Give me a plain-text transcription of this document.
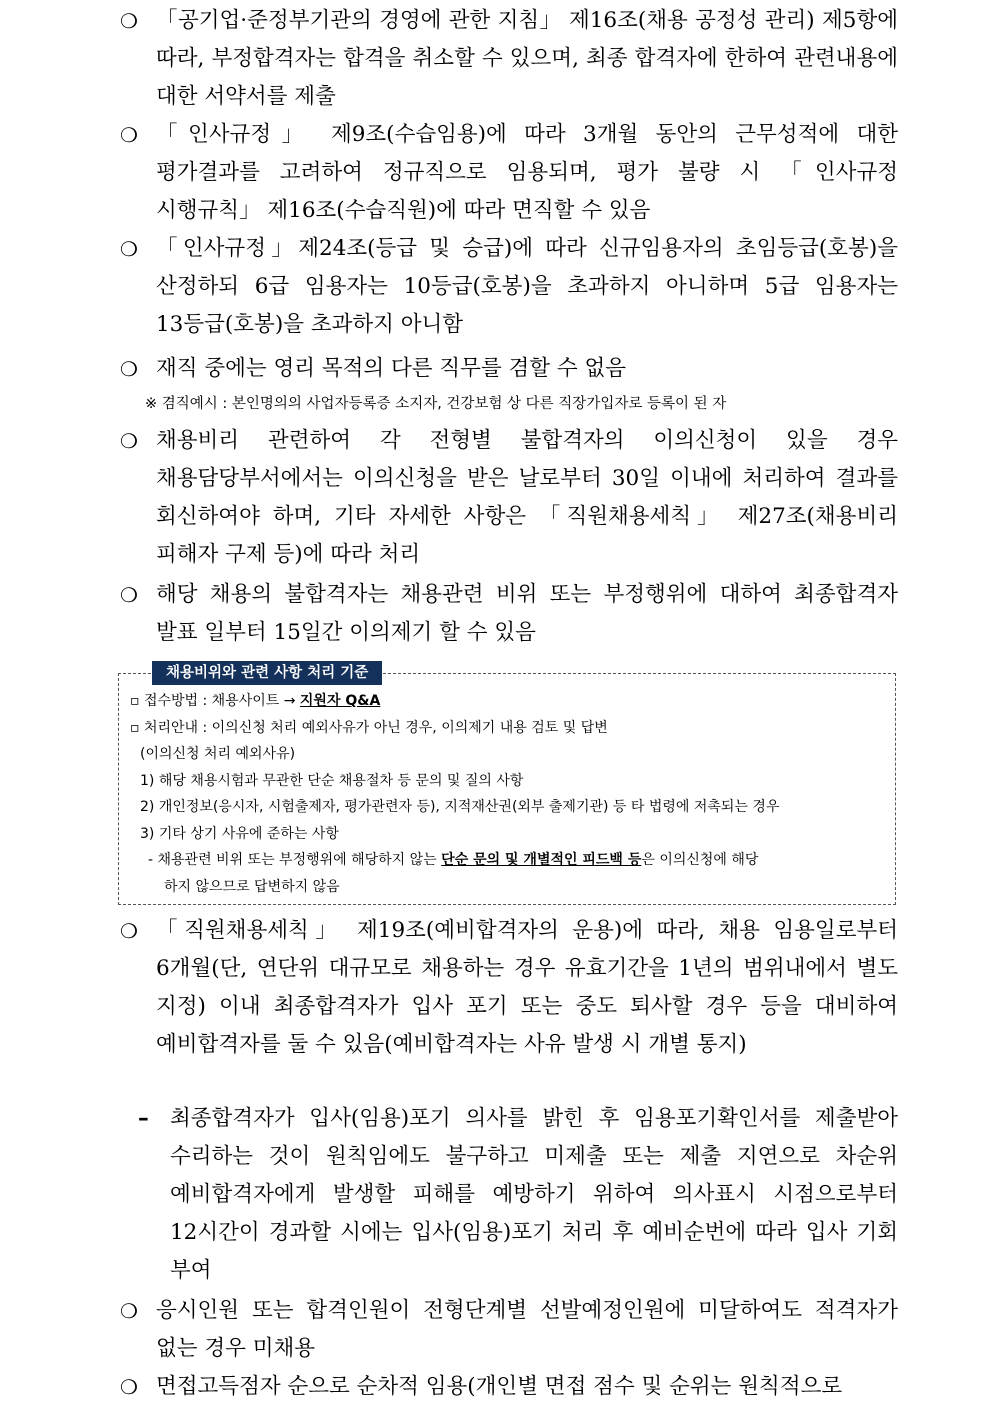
❍ 「공기업·준정부기관의 경영에 관한 지침」 제16조(채용 공정성 관리) 제5항에 따라, 부정합격자는 합격을 취소할 수 있으며, 최종 합격자에 한하여 관련내용에 대한 서약서를 제출
❍ 「인사규정」 제9조(수습임용)에 따라 3개월 동안의 근무성적에 대한 평가결과를 고려하여 정규직으로 임용되며, 평가 불량 시 「인사규정 시행규칙」 제16조(수습직원)에 따라 면직할 수 있음
❍ 「인사규정」제24조(등급 및 승급)에 따라 신규임용자의 초임등급(호봉)을 산정하되 6급 임용자는 10등급(호봉)을 초과하지 아니하며 5급 임용자는 13등급(호봉)을 초과하지 아니함
❍ 재직 중에는 영리 목적의 다른 직무를 겸할 수 없음
※ 겸직예시 : 본인명의의 사업자등록증 소지자, 건강보험 상 다른 직장가입자로 등록이 된 자
❍ 채용비리 관련하여 각 전형별 불합격자의 이의신청이 있을 경우 채용담당부서에서는 이의신청을 받은 날로부터 30일 이내에 처리하여 결과를 회신하여야 하며, 기타 자세한 사항은 「직원채용세칙」 제27조(채용비리 피해자 구제 등)에 따라 처리
❍ 해당 채용의 불합격자는 채용관련 비위 또는 부정행위에 대하여 최종합격자 발표 일부터 15일간 이의제기 할 수 있음
채용비위와 관련 사항 처리 기준
▫ 접수방법 : 채용사이트 → 지원자 Q&A
▫ 처리안내 : 이의신청 처리 예외사유가 아닌 경우, 이의제기 내용 검토 및 답변
(이의신청 처리 예외사유)
1) 해당 채용시험과 무관한 단순 채용절차 등 문의 및 질의 사항
2) 개인정보(응시자, 시험출제자, 평가관련자 등), 지적재산권(외부 출제기관) 등 타 법령에 저촉되는 경우
3) 기타 상기 사유에 준하는 사항
- 채용관련 비위 또는 부정행위에 해당하지 않는 단순 문의 및 개별적인 피드백 등은 이의신청에 해당
하지 않으므로 답변하지 않음
❍ 「직원채용세칙」 제19조(예비합격자의 운용)에 따라, 채용 임용일로부터 6개월(단, 연단위 대규모로 채용하는 경우 유효기간을 1년의 범위내에서 별도 지정) 이내 최종합격자가 입사 포기 또는 중도 퇴사할 경우 등을 대비하여 예비합격자를 둘 수 있음(예비합격자는 사유 발생 시 개별 통지)
– 최종합격자가 입사(임용)포기 의사를 밝힌 후 임용포기확인서를 제출받아 수리하는 것이 원칙임에도 불구하고 미제출 또는 제출 지연으로 차순위 예비합격자에게 발생할 피해를 예방하기 위하여 의사표시 시점으로부터 12시간이 경과할 시에는 입사(임용)포기 처리 후 예비순번에 따라 입사 기회 부여
❍ 응시인원 또는 합격인원이 전형단계별 선발예정인원에 미달하여도 적격자가 없는 경우 미채용
❍ 면접고득점자 순으로 순차적 임용(개인별 면접 점수 및 순위는 원칙적으로
